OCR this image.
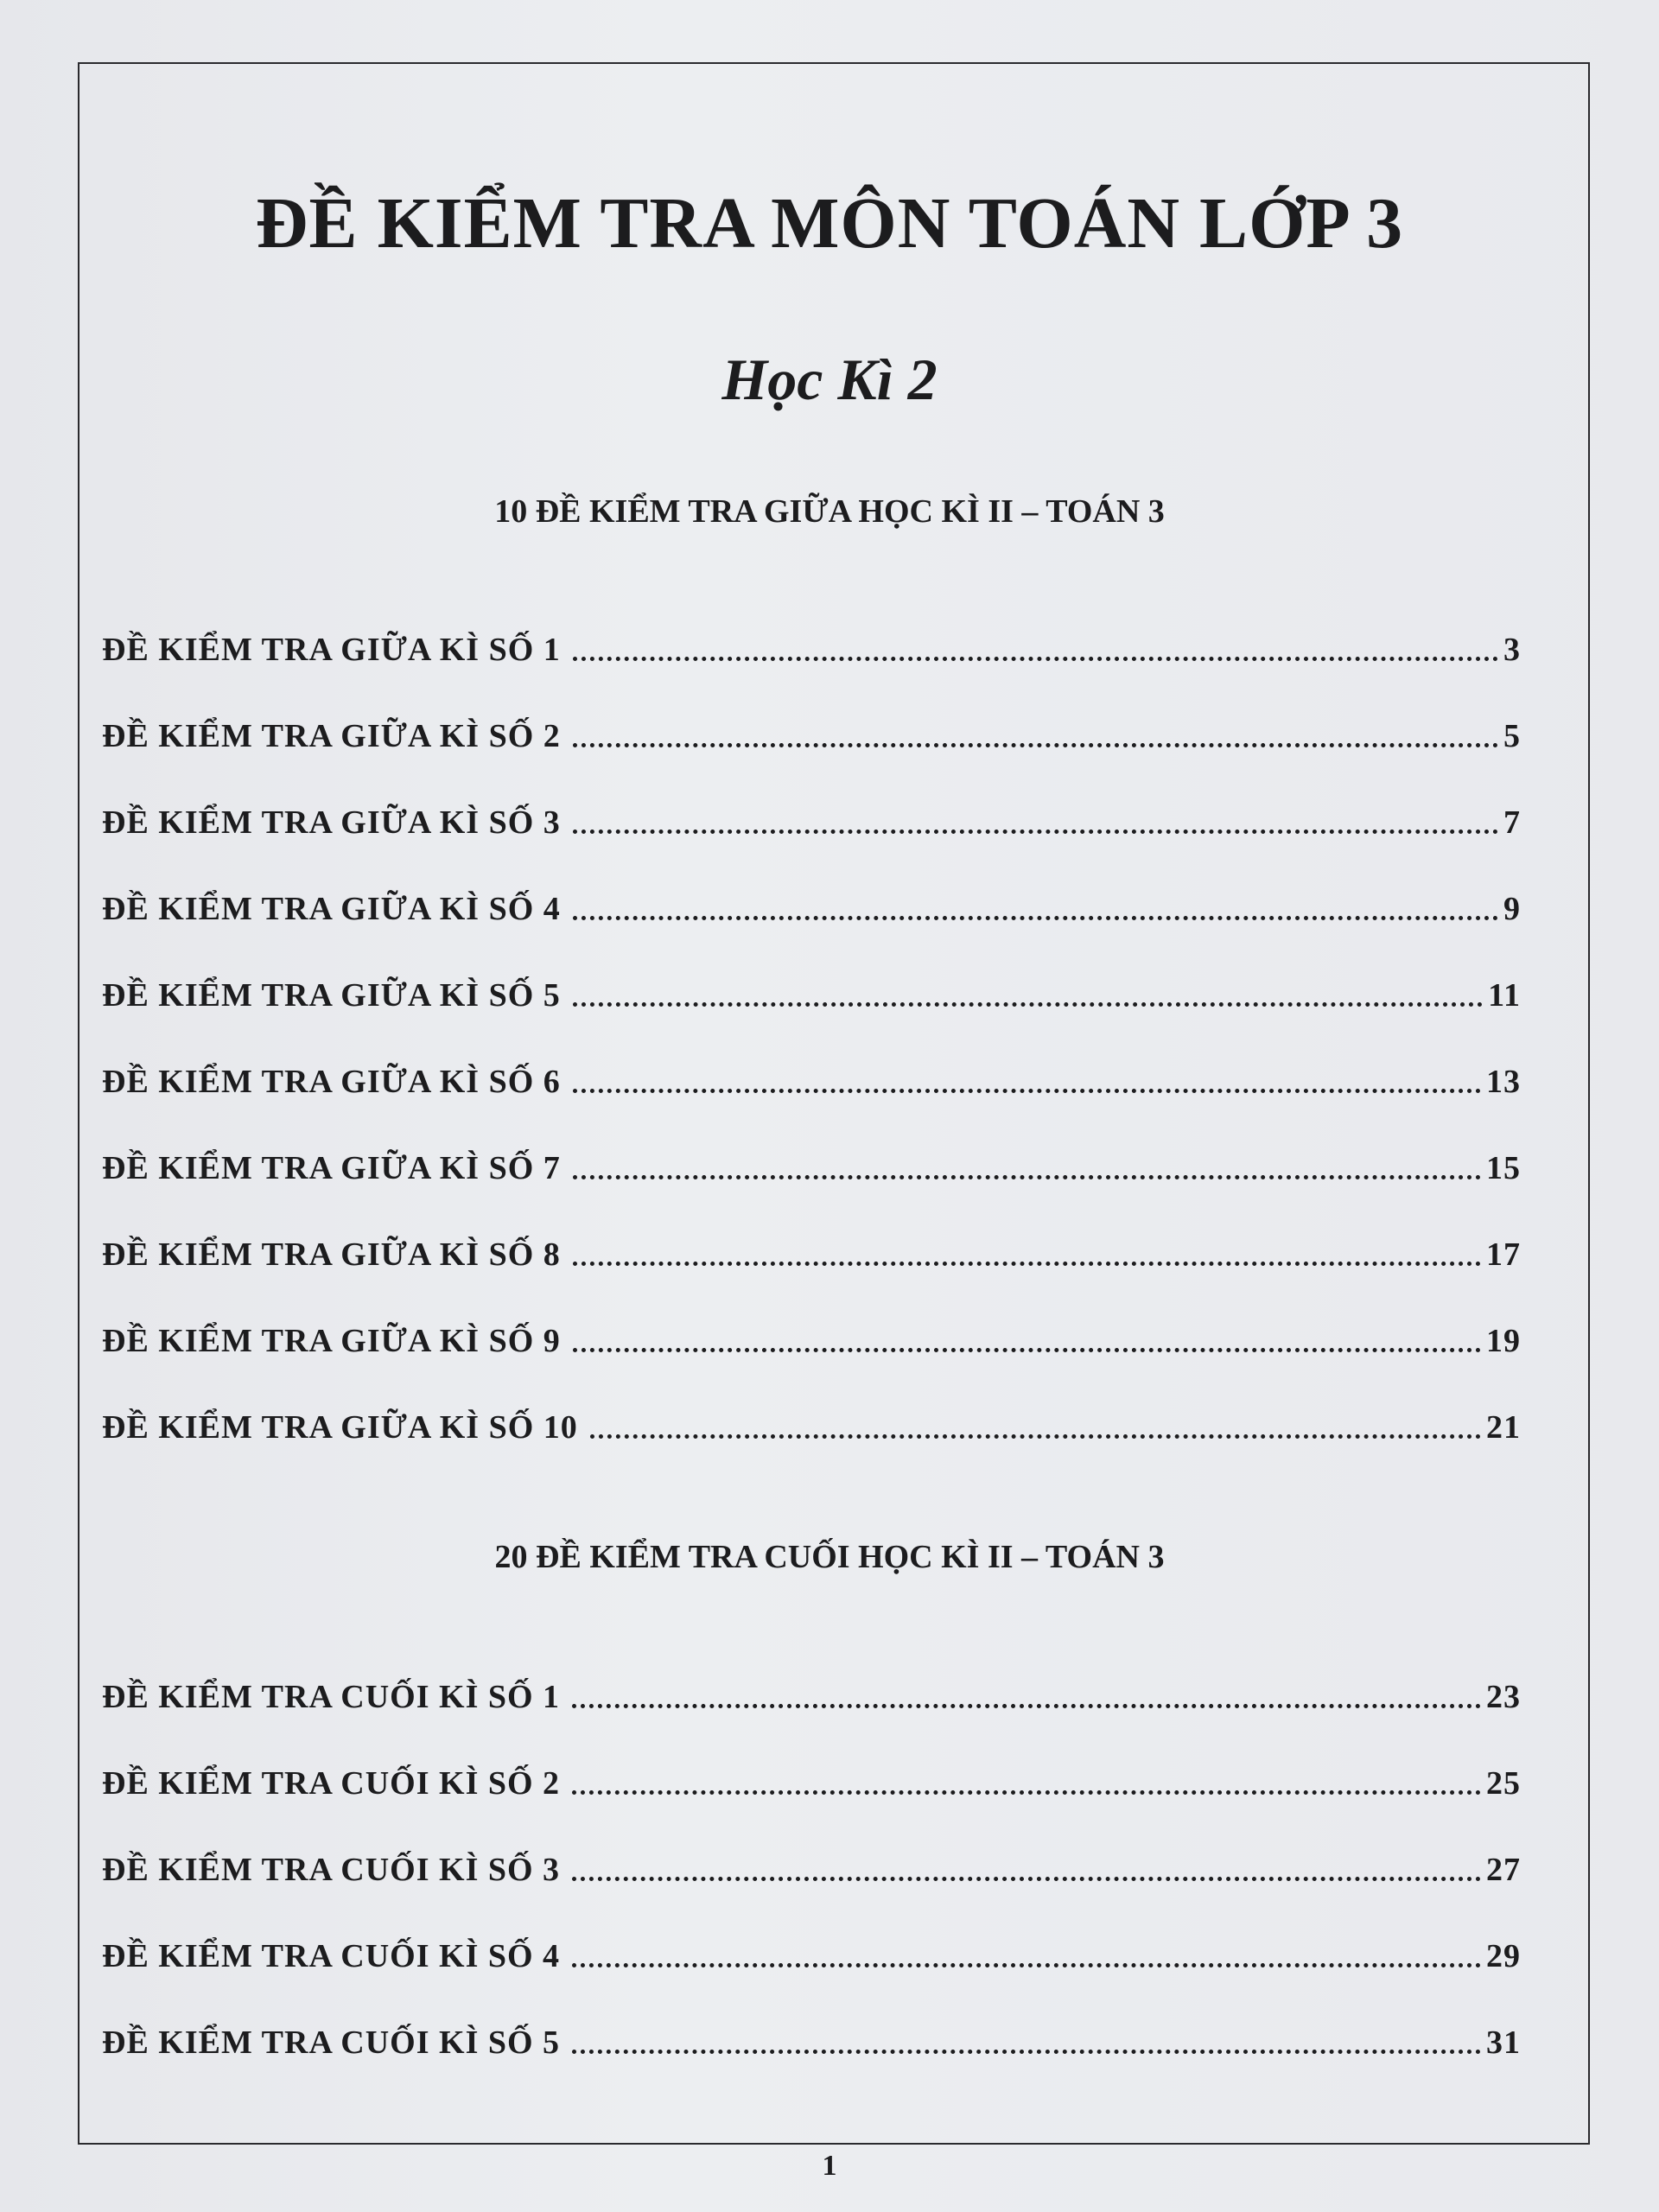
ĐỀ KIỂM TRA MÔN TOÁN LỚP 3
Học Kì 2
10 ĐỀ KIỂM TRA GIỮA HỌC KÌ II – TOÁN 3
ĐỀ KIỂM TRA GIỮA KÌ SỐ 1	3
ĐỀ KIỂM TRA GIỮA KÌ SỐ 2	5
ĐỀ KIỂM TRA GIỮA KÌ SỐ 3	7
ĐỀ KIỂM TRA GIỮA KÌ SỐ 4	9
ĐỀ KIỂM TRA GIỮA KÌ SỐ 5	11
ĐỀ KIỂM TRA GIỮA KÌ SỐ 6	13
ĐỀ KIỂM TRA GIỮA KÌ SỐ 7	15
ĐỀ KIỂM TRA GIỮA KÌ SỐ 8	17
ĐỀ KIỂM TRA GIỮA KÌ SỐ 9	19
ĐỀ KIỂM TRA GIỮA KÌ SỐ 10	21
20 ĐỀ KIỂM TRA CUỐI HỌC KÌ II – TOÁN 3
ĐỀ KIỂM TRA CUỐI KÌ SỐ 1	23
ĐỀ KIỂM TRA CUỐI KÌ SỐ 2	25
ĐỀ KIỂM TRA CUỐI KÌ SỐ 3	27
ĐỀ KIỂM TRA CUỐI KÌ SỐ 4	29
ĐỀ KIỂM TRA CUỐI KÌ SỐ 5	31
1
